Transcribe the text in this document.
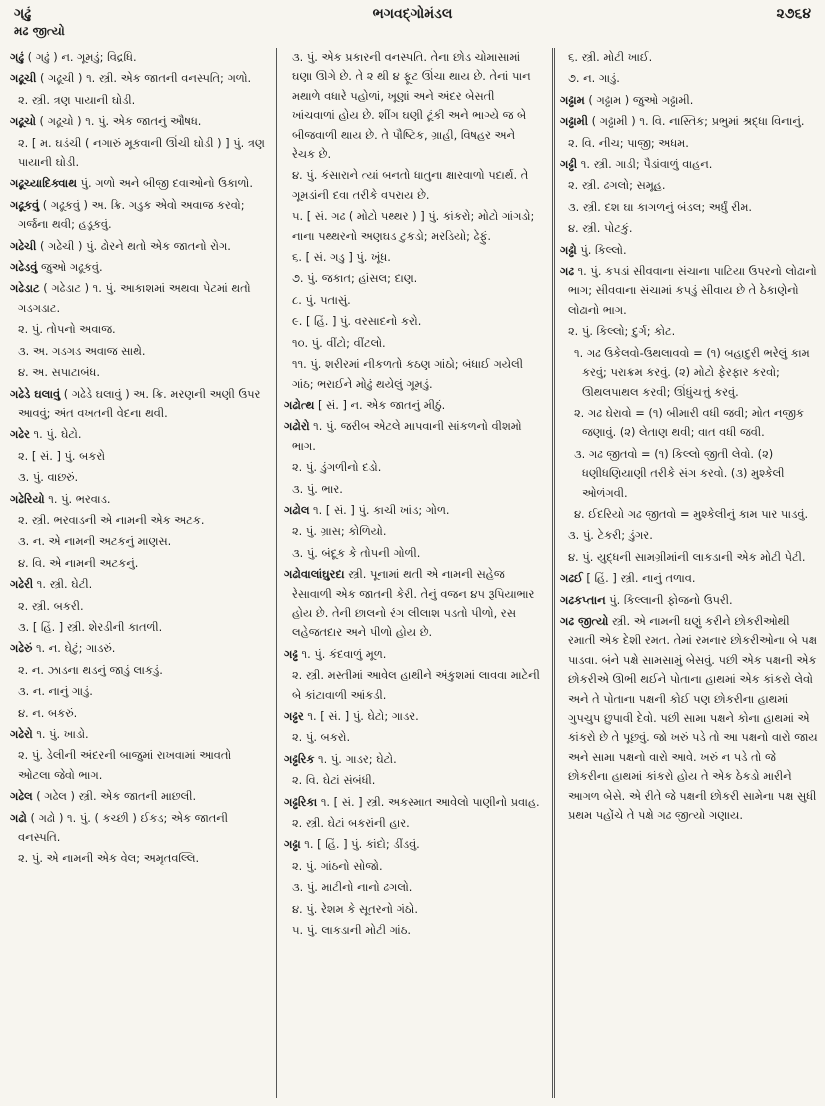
ગઢું	ભગવદ્ગોમંડલ	૨૭૬૪
મઢ જીત્યો
ગઢું ( ગઢું ) ન. ગૂમડું; વિદ્રધિ.
ગઢૂચી ( ગઢૂચી ) ૧. સ્ત્રી. એક જાતની વનસ્પતિ; ગળો.
૨. સ્ત્રી. ત્રણ પાયાની ઘોડી.
ગઢૂચો ( ગઢૂચો ) ૧. પું. એક જાતનું ઔષધ.
૨. [ મ. ઘડંચી ( નગારું મૂકવાની ઊંચી ઘોડી ) ] પું. ત્રણ પાયાની ઘોડી.
ગઢૂચ્યાદિક્વાથ પું. ગળો અને બીજી દવાઓનો ઉકાળો.
ગઢૂકવું ( ગઢૂકવું ) અ. ક્રિ. ગડુક એવો અવાજ કરવો; ગર્જના થવી; હડૂકવું.
ગઢેચી ( ગઢેચી ) પું. ઢોરને થતો એક જાતનો રોગ.
ગઢેડવું જુઓ ગઢૂકવું.
ગઢેડાટ ( ગઢેડાટ ) ૧. પું. આકાશમાં અથવા પેટમાં થતો ગડગડાટ.
૨. પું. તોપનો અવાજ.
૩. અ. ગડગડ અવાજ સાથે.
૪. અ. સપાટાબંધ.
ગઢેડે ઘલાવું ( ગઢેડે ઘલાવું ) અ. ક્રિ. મરણની અણી ઉપર આવવું; અંત વખતની વેદના થવી.
ગઢેર ૧. પું. ઘેટો.
૨. [ સં. ] પું. બકરો
૩. પું. વાછરું.
ગઢેરિયો ૧. પું. ભરવાડ.
૨. સ્ત્રી. ભરવાડની એ નામની એક અટક.
૩. ન. એ નામની અટકનું માણસ.
૪. વિ. એ નામની અટકનું.
ગઢેરી ૧. સ્ત્રી. ઘેટી.
૨. સ્ત્રી. બકરી.
૩. [ હિં. ] સ્ત્રી. શેરડીની કાતળી.
ગઢેરું ૧. ન. ઘેટું; ગાડરું.
૨. ન. ઝાડના થડનું જાડું લાકડું.
૩. ન. નાનું ગાડું.
૪. ન. બકરું.
ગઢેરો ૧. પું. ખાડો.
૨. પું. ડેલીની અંદરની બાજુમાં રાખવામાં આવતો ઓટલા જેવો ભાગ.
ગઢેલ ( ગઢેલ ) સ્ત્રી. એક જાતની માછલી.
ગઢો ( ગઢો ) ૧. પું. ( કચ્છી ) ઈકડ; એક જાતની વનસ્પતિ.
૨. પું. એ નામની એક વેલ; અમૃતવલ્લિ.
૩. પું. એક પ્રકારની વનસ્પતિ. તેના છોડ ચોમાસામાં ઘણા ઊગે છે. તે ૨ થી ૪ ફૂટ ઊંચા થાય છે. તેનાં પાન મથાળે વધારે પહોળાં, ખૂણાં અને અંદર બેસતી ખાંચવાળાં હોય છે. શીંગ ઘણી ટૂંકી અને ભાગ્યે જ બે બીજવાળી થાય છે. તે પૌષ્ટિક, ગ્રાહી, વિષહર અને રેચક છે.
૪. પું. કંસારાને ત્યાં બનતો ધાતુના ક્ષારવાળો પદાર્થ. તે ગૂમડાંની દવા તરીકે વપરાય છે.
૫. [ સં. ગઢ ( મોટો પથ્થર ) ] પું. કાંકરો; મોટો ગાંગડો; નાના પથ્થરનો અણઘડ ટુકડો; મરડિયો; ઢેફું.
૬. [ સં. ગડુ ] પું. ખૂંધ.
૭. પું. જકાત; હાંસલ; દાણ.
૮. પું. પતાસું.
૯. [ હિં. ] પું. વરસાદનો કરો.
૧૦. પું. વીંટો; વીંટલો.
૧૧. પું. શરીરમાં નીકળતો કઠણ ગાંઠો; બંધાઈ ગયેલી ગાંઠ; ભરાઈને મોઢું થયેલું ગૂમડું.
ગઢોત્થ [ સં. ] ન. એક જાતનું મીઠું.
ગઢોરો ૧. પું. જરીબ એટલે માપવાની સાંકળનો વીશમો ભાગ.
૨. પું. ડુંગળીનો દડો.
૩. પું. ભાર.
ગઢોલ ૧. [ સં. ] પું. કાચી ખાંડ; ગોળ.
૨. પું. ગ્રાસ; કોળિયો.
૩. પું. બંદૂક કે તોપની ગોળી.
ગઢોવાલાંઘુરદા સ્ત્રી. પૂનામાં થતી એ નામની સહેજ રેસાવાળી એક જાતની કેરી. તેનું વજન ૪૫ રૂપિયાભાર હોય છે. તેની છાલનો રંગ લીલાશ પડતો પીળો, રસ લહેજતદાર અને પીળો હોય છે.
ગઢ્ઢ ૧. પું. કંદવાળું મૂળ.
૨. સ્ત્રી. મસ્તીમાં આવેલ હાથીને અંકુશમાં લાવવા માટેની બે કાંટાવાળી આંકડી.
ગઢ્ઢર ૧. [ સં. ] પું. ઘેટો; ગાડર.
૨. પું. બકરો.
ગઢ્ઢરિક ૧. પું. ગાડર; ઘેટો.
૨. વિ. ઘેટાં સંબંધી.
ગઢ્ઢરિકા ૧. [ સં. ] સ્ત્રી. અકસ્માત આવેલો પાણીનો પ્રવાહ.
૨. સ્ત્રી. ઘેટાં બકરાંની હાર.
ગઢ્ઢા ૧. [ હિં. ] પું. કાંદો; ડીંડવું.
૨. પું. ગાંઠનો સોજો.
૩. પું. માટીનો નાનો ઢગલો.
૪. પું. રેશમ કે સૂતરનો ગંઠો.
૫. પું. લાકડાની મોટી ગાંઠ.
૬. સ્ત્રી. મોટી ખાઈ.
૭. ન. ગાડું.
ગઢ્ઢામ ( ગઢ્ઢામ ) જુઓ ગઢ્ઢામી.
ગઢ્ઢામી ( ગઢ્ઢામી ) ૧. વિ. નાસ્તિક; પ્રભુમાં શ્રદ્ધા વિનાનું.
૨. વિ. નીચ; પાજી; અધમ.
ગઢ્ઢી ૧. સ્ત્રી. ગાડી; પૈડાંવાળું વાહન.
૨. સ્ત્રી. ઢગલો; સમૂહ.
૩. સ્ત્રી. દશ ઘા કાગળનું બંડલ; અર્ધું રીમ.
૪. સ્ત્રી. પોટકું.
ગઢ્ઢો પું. કિલ્લો.
ગઢ ૧. પું. કપડાં સીવવાના સંચાના પાટિયા ઉપરનો લોઢાનો ભાગ; સીવવાના સંચામાં કપડું સીવાય છે તે ઠેકાણેનો લોઢાનો ભાગ.
૨. પું. કિલ્લો; દુર્ગ; કોટ.
૧. ગઢ ઉકેલવો-ઉથલાવવો = (૧) બહાદુરી ભરેલું કામ કરવું; પરાક્રમ કરવું. (૨) મોટો ફેરફાર કરવો; ઊથલપાથલ કરવી; ઊંધુંચત્તું કરવું.
૨. ગઢ ઘેરાવો = (૧) બીમારી વધી જવી; મોત નજીક જણાવું. (૨) લેતાણ થવી; વાત વધી જવી.
૩. ગઢ જીતવો = (૧) કિલ્લો જીતી લેવો. (૨) ધણીધણિયાણી તરીકે સંગ કરવો. (૩) મુશ્કેલી ઓળંગવી.
૪. ઈદરિયો ગઢ જીતવો = મુશ્કેલીનું કામ પાર પાડવું.
૩. પું. ટેકરી; ડુંગર.
૪. પું. યુદ્ધની સામગ્રીમાંની લાકડાની એક મોટી પેટી.
ગઢઈ [ હિં. ] સ્ત્રી. નાનું તળાવ.
ગઢકપ્તાન પું. કિલ્લાની ફોજનો ઉપરી.
ગઢ જીત્યો સ્ત્રી. એ નામની ઘણું કરીને છોકરીઓથી રમાતી એક દેશી રમત. તેમાં રમનાર છોકરીઓના બે પક્ષ પાડવા. બંને પક્ષે સામસામું બેસવું. પછી એક પક્ષની એક છોકરીએ ઊભી થઈને પોતાના હાથમાં એક કાંકરો લેવો અને તે પોતાના પક્ષની કોઈ પણ છોકરીના હાથમાં ગુપચુપ છુપાવી દેવો. પછી સામા પક્ષને કોના હાથમાં એ કાંકરો છે તે પૂછવું. જો ખરું પડે તો આ પક્ષનો વારો જાય અને સામા પક્ષનો વારો આવે. ખરું ન પડે તો જે છોકરીના હાથમાં કાંકરો હોય તે એક ઠેકડો મારીને આગળ બેસે. એ રીતે જે પક્ષની છોકરી સામેના પક્ષ સુધી પ્રથમ પહોંચે તે પક્ષે ગઢ જીત્યો ગણાય.
